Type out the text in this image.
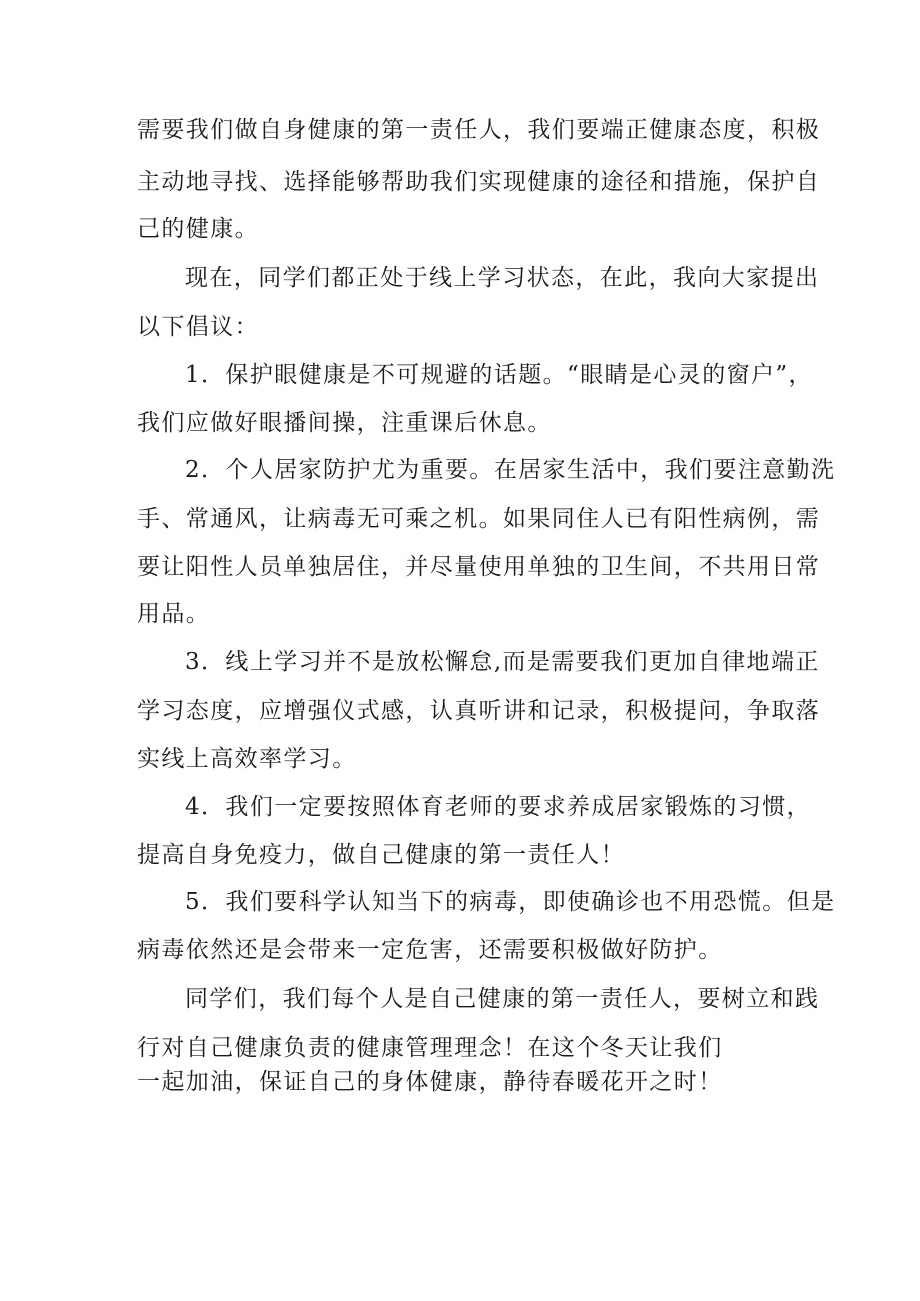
需要我们做自身健康的第一责任人，我们要端正健康态度，积极
主动地寻找、选择能够帮助我们实现健康的途径和措施，保护自
己的健康。
现在，同学们都正处于线上学习状态，在此，我向大家提出
以下倡议：
1．保护眼健康是不可规避的话题。“眼睛是心灵的窗户”，
我们应做好眼播间操，注重课后休息。
2．个人居家防护尤为重要。在居家生活中，我们要注意勤洗
手、常通风，让病毒无可乘之机。如果同住人已有阳性病例，需
要让阳性人员单独居住，并尽量使用单独的卫生间，不共用日常
用品。
3．线上学习并不是放松懈怠,而是需要我们更加自律地端正
学习态度，应增强仪式感，认真听讲和记录，积极提问，争取落
实线上高效率学习。
4．我们一定要按照体育老师的要求养成居家锻炼的习惯，
提高自身免疫力，做自己健康的第一责任人！
5．我们要科学认知当下的病毒，即使确诊也不用恐慌。但是
病毒依然还是会带来一定危害，还需要积极做好防护。
同学们，我们每个人是自己健康的第一责任人，要树立和践
行对自己健康负责的健康管理理念！在这个冬天让我们
一起加油，保证自己的身体健康，静待春暖花开之时！
